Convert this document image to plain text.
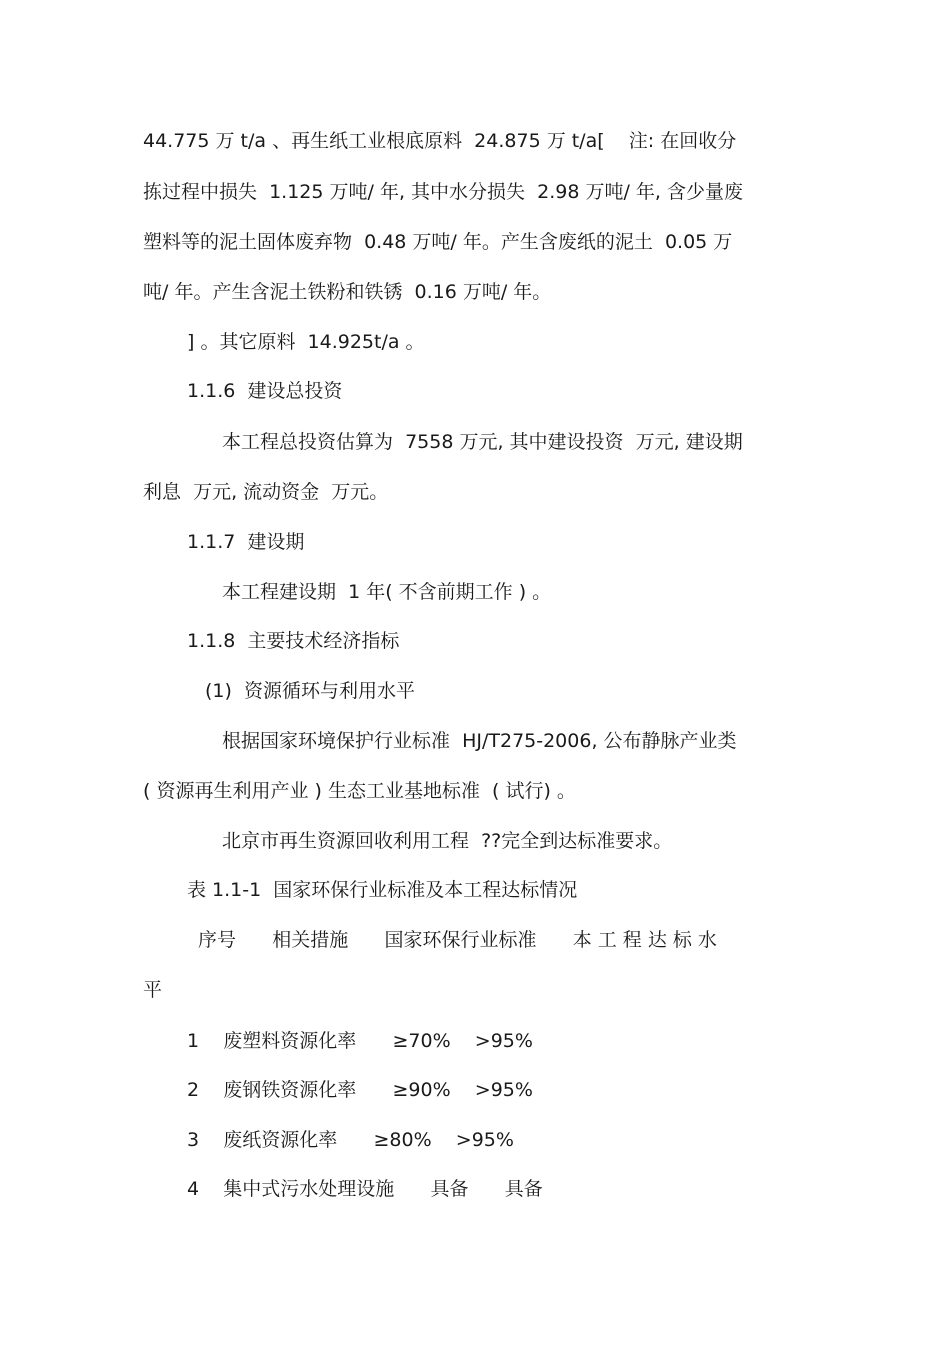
44.775 万 t/a 、再生纸工业根底原料  24.875 万 t/a[    注: 在回收分
拣过程中损失  1.125 万吨/ 年, 其中水分损失  2.98 万吨/ 年, 含少量废
塑料等的泥土固体废弃物  0.48 万吨/ 年。产生含废纸的泥土  0.05 万
吨/ 年。产生含泥土铁粉和铁锈  0.16 万吨/ 年。
] 。其它原料  14.925t/a 。
1.1.6  建设总投资
本工程总投资估算为  7558 万元, 其中建设投资  万元, 建设期
利息  万元, 流动资金  万元。
1.1.7  建设期
本工程建设期  1 年( 不含前期工作 ) 。
1.1.8  主要技术经济指标
(1)  资源循环与利用水平
根据国家环境保护行业标准  HJ/T275-2006, 公布静脉产业类
( 资源再生利用产业 ) 生态工业基地标准  ( 试行) 。
北京市再生资源回收利用工程  ??完全到达标准要求。
表 1.1-1  国家环保行业标准及本工程达标情况
序号      相关措施      国家环保行业标准      本 工 程 达 标 水
平
1    废塑料资源化率      ≥70%    >95%
2    废钢铁资源化率      ≥90%    >95%
3    废纸资源化率      ≥80%    >95%
4    集中式污水处理设施      具备      具备
